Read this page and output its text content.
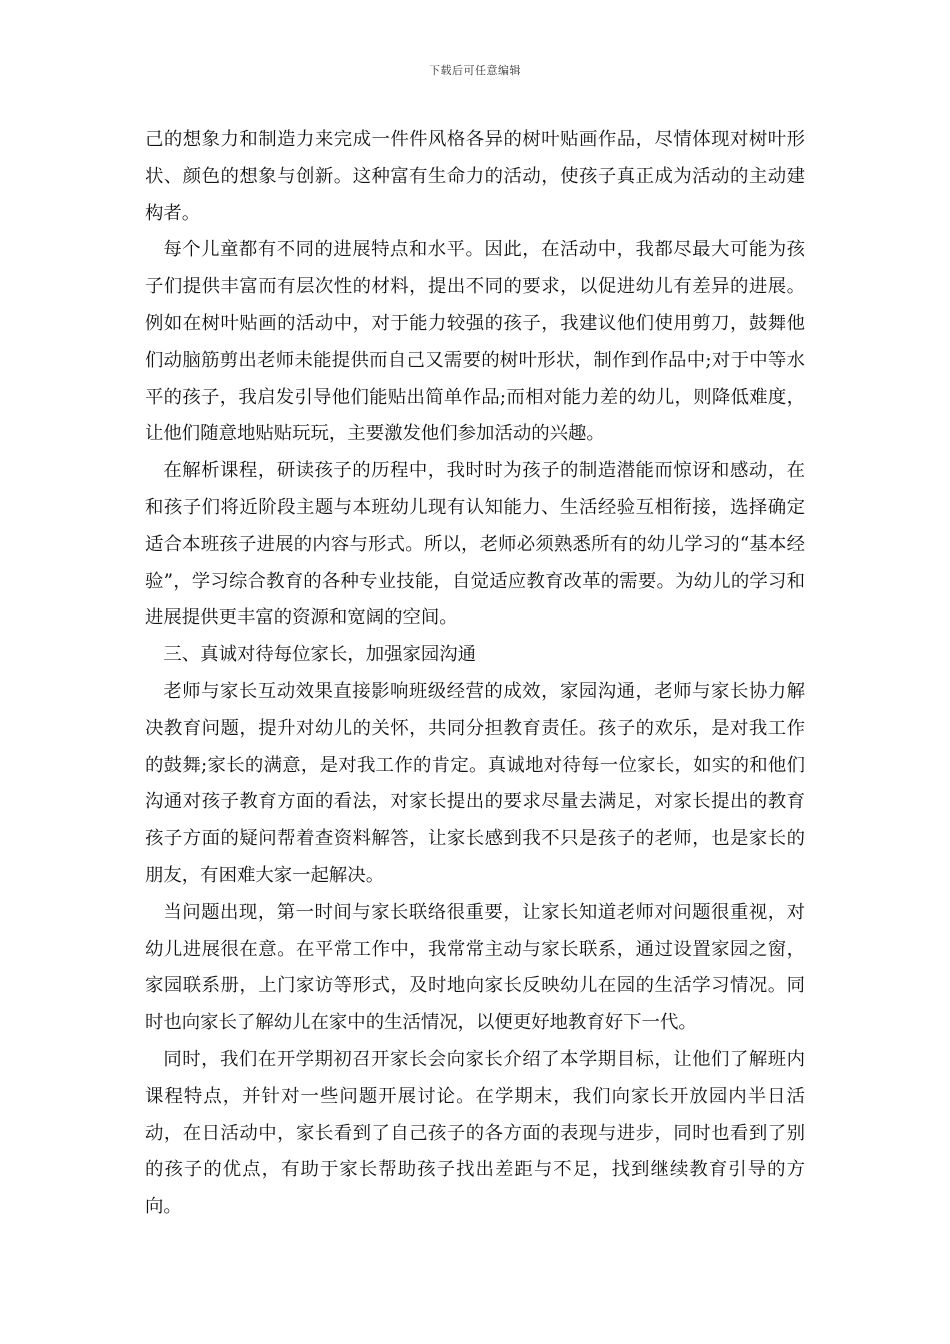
下载后可任意编辑

己的想象力和制造力来完成一件件风格各异的树叶贴画作品，尽情体现对树叶形状、颜色的想象与创新。这种富有生命力的活动，使孩子真正成为活动的主动建构者。

每个儿童都有不同的进展特点和水平。因此，在活动中，我都尽最大可能为孩子们提供丰富而有层次性的材料，提出不同的要求，以促进幼儿有差异的进展。例如在树叶贴画的活动中，对于能力较强的孩子，我建议他们使用剪刀，鼓舞他们动脑筋剪出老师未能提供而自己又需要的树叶形状，制作到作品中;对于中等水平的孩子，我启发引导他们能贴出简单作品;而相对能力差的幼儿，则降低难度，让他们随意地贴贴玩玩，主要激发他们参加活动的兴趣。

在解析课程，研读孩子的历程中，我时时为孩子的制造潜能而惊讶和感动，在和孩子们将近阶段主题与本班幼儿现有认知能力、生活经验互相衔接，选择确定适合本班孩子进展的内容与形式。所以，老师必须熟悉所有的幼儿学习的“基本经验”，学习综合教育的各种专业技能，自觉适应教育改革的需要。为幼儿的学习和进展提供更丰富的资源和宽阔的空间。

三、真诚对待每位家长，加强家园沟通

老师与家长互动效果直接影响班级经营的成效，家园沟通，老师与家长协力解决教育问题，提升对幼儿的关怀，共同分担教育责任。孩子的欢乐，是对我工作的鼓舞;家长的满意，是对我工作的肯定。真诚地对待每一位家长，如实的和他们沟通对孩子教育方面的看法，对家长提出的要求尽量去满足，对家长提出的教育孩子方面的疑问帮着查资料解答，让家长感到我不只是孩子的老师，也是家长的朋友，有困难大家一起解决。

当问题出现，第一时间与家长联络很重要，让家长知道老师对问题很重视，对幼儿进展很在意。在平常工作中，我常常主动与家长联系，通过设置家园之窗，家园联系册，上门家访等形式，及时地向家长反映幼儿在园的生活学习情况。同时也向家长了解幼儿在家中的生活情况，以便更好地教育好下一代。

同时，我们在开学期初召开家长会向家长介绍了本学期目标，让他们了解班内课程特点，并针对一些问题开展讨论。在学期末，我们向家长开放园内半日活动，在日活动中，家长看到了自己孩子的各方面的表现与进步，同时也看到了别的孩子的优点，有助于家长帮助孩子找出差距与不足，找到继续教育引导的方向。
